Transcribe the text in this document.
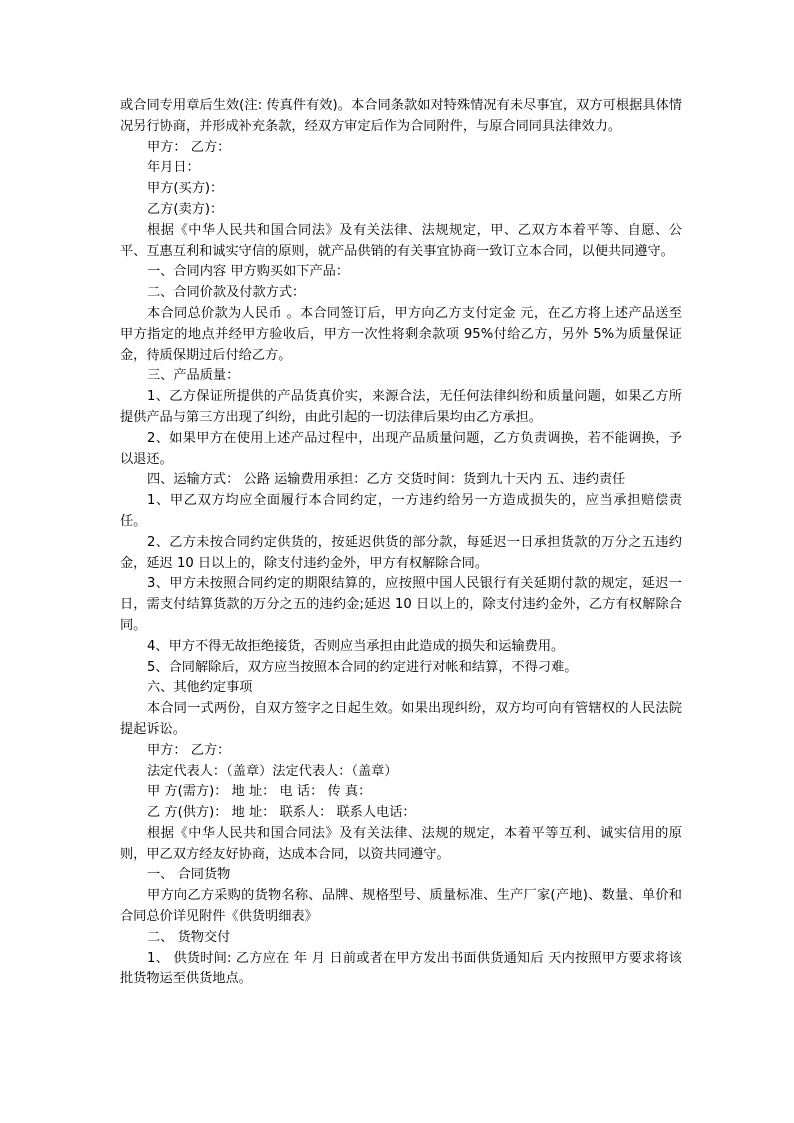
或合同专用章后生效(注: 传真件有效)。本合同条款如对特殊情况有未尽事宜，双方可根据具体情况另行协商，并形成补充条款，经双方审定后作为合同附件，与原合同同具法律效力。

甲方： 乙方：

年月日：

甲方(买方)：

乙方(卖方)：

根据《中华人民共和国合同法》及有关法律、法规规定，甲、乙双方本着平等、自愿、公平、互惠互利和诚实守信的原则，就产品供销的有关事宜协商一致订立本合同，以便共同遵守。

一、合同内容 甲方购买如下产品：

二、合同价款及付款方式：

本合同总价款为人民币 。本合同签订后，甲方向乙方支付定金 元，在乙方将上述产品送至甲方指定的地点并经甲方验收后，甲方一次性将剩余款项 95%付给乙方，另外 5%为质量保证金，待质保期过后付给乙方。

三、产品质量：

1、乙方保证所提供的产品货真价实，来源合法，无任何法律纠纷和质量问题，如果乙方所提供产品与第三方出现了纠纷，由此引起的一切法律后果均由乙方承担。

2、如果甲方在使用上述产品过程中，出现产品质量问题，乙方负责调换，若不能调换，予以退还。

四、运输方式： 公路 运输费用承担：乙方 交货时间：货到九十天内 五、违约责任

1、甲乙双方均应全面履行本合同约定，一方违约给另一方造成损失的，应当承担赔偿责任。

2、乙方未按合同约定供货的，按延迟供货的部分款，每延迟一日承担货款的万分之五违约金，延迟 10 日以上的，除支付违约金外，甲方有权解除合同。

3、甲方未按照合同约定的期限结算的，应按照中国人民银行有关延期付款的规定，延迟一日，需支付结算货款的万分之五的违约金;延迟 10 日以上的，除支付违约金外，乙方有权解除合同。

4、甲方不得无故拒绝接货，否则应当承担由此造成的损失和运输费用。

5、合同解除后，双方应当按照本合同的约定进行对帐和结算，不得刁难。

六、其他约定事项

本合同一式两份，自双方签字之日起生效。如果出现纠纷，双方均可向有管辖权的人民法院提起诉讼。

甲方： 乙方：

法定代表人：（盖章）法定代表人：（盖章）

甲 方(需方)： 地 址： 电 话： 传 真：

乙 方(供方)： 地 址： 联系人： 联系人电话：

根据《中华人民共和国合同法》及有关法律、法规的规定，本着平等互利、诚实信用的原则，甲乙双方经友好协商，达成本合同，以资共同遵守。

一、 合同货物

甲方向乙方采购的货物名称、品牌、规格型号、质量标准、生产厂家(产地)、数量、单价和合同总价详见附件《供货明细表》

二、 货物交付

1、 供货时间: 乙方应在 年 月 日前或者在甲方发出书面供货通知后 天内按照甲方要求将该批货物运至供货地点。
